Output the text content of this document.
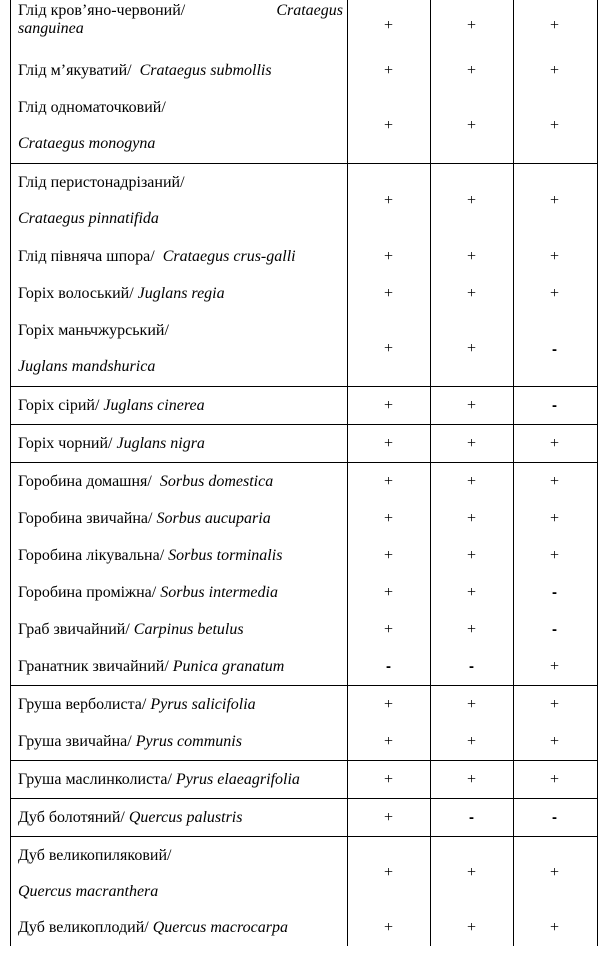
Глід кров’яно-червоний/	Crataegus
sanguinea	+	+	+
Глід м’якуватий/  Crataegus submollis	+	+	+
Глід одноматочковий/
Crataegus monogyna
+	+	+
Глід перистонадрізаний/
Crataegus pinnatifida
+	+	+
Глід півняча шпора/  Crataegus crus-galli	+	+	+
Горіх волоський/ Juglans regia	+	+	+
Горіх маньчжурський/
Juglans mandshurica
+	+	-
Горіх сірий/ Juglans cinerea	+	+	-
Горіх чорний/ Juglans nigra	+	+	+
Горобина домашня/  Sorbus domestica	+	+	+
Горобина звичайна/ Sorbus aucuparia	+	+	+
Горобина лікувальна/ Sorbus torminalis	+	+	+
Горобина проміжна/ Sorbus intermedia	+	+	-
Граб звичайний/ Carpinus betulus	+	+	-
Гранатник звичайний/ Punica granatum	-	-	+
Груша верболиста/ Pyrus salicifolia	+	+	+
Груша звичайна/ Pyrus communis	+	+	+
Груша маслинколиста/ Pyrus elaeagrifolia	+	+	+
Дуб болотяний/ Quercus palustris	+	-	-
Дуб великопиляковий/
Quercus macranthera
+	+	+
Дуб великоплодий/ Quercus macrocarpa	+	+	+
